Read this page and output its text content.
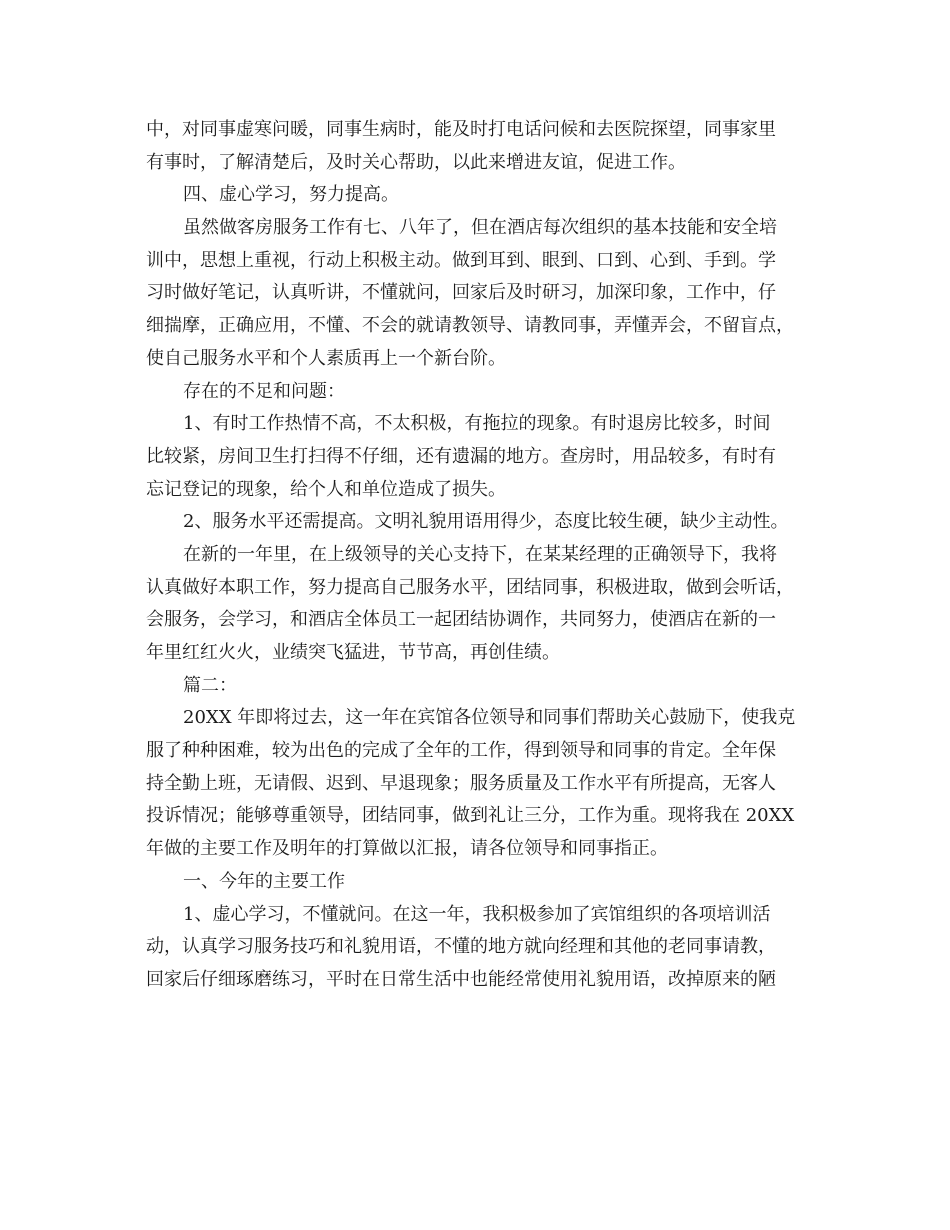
中，对同事虚寒问暖，同事生病时，能及时打电话问候和去医院探望，同事家里
有事时，了解清楚后，及时关心帮助，以此来增进友谊，促进工作。
四、虚心学习，努力提高。
虽然做客房服务工作有七、八年了，但在酒店每次组织的基本技能和安全培
训中，思想上重视，行动上积极主动。做到耳到、眼到、口到、心到、手到。学
习时做好笔记，认真听讲，不懂就问，回家后及时研习，加深印象，工作中，仔
细揣摩，正确应用，不懂、不会的就请教领导、请教同事，弄懂弄会，不留盲点，
使自己服务水平和个人素质再上一个新台阶。
存在的不足和问题：
1、有时工作热情不高，不太积极，有拖拉的现象。有时退房比较多，时间
比较紧，房间卫生打扫得不仔细，还有遗漏的地方。查房时，用品较多，有时有
忘记登记的现象，给个人和单位造成了损失。
2、服务水平还需提高。文明礼貌用语用得少，态度比较生硬，缺少主动性。
在新的一年里，在上级领导的关心支持下，在某某经理的正确领导下，我将
认真做好本职工作，努力提高自己服务水平，团结同事，积极进取，做到会听话，
会服务，会学习，和酒店全体员工一起团结协调作，共同努力，使酒店在新的一
年里红红火火，业绩突飞猛进，节节高，再创佳绩。
篇二：
20XX 年即将过去，这一年在宾馆各位领导和同事们帮助关心鼓励下，使我克
服了种种困难，较为出色的完成了全年的工作，得到领导和同事的肯定。全年保
持全勤上班，无请假、迟到、早退现象；服务质量及工作水平有所提高，无客人
投诉情况；能够尊重领导，团结同事，做到礼让三分，工作为重。现将我在 20XX
年做的主要工作及明年的打算做以汇报，请各位领导和同事指正。
一、今年的主要工作
1、虚心学习，不懂就问。在这一年，我积极参加了宾馆组织的各项培训活
动，认真学习服务技巧和礼貌用语，不懂的地方就向经理和其他的老同事请教，
回家后仔细琢磨练习，平时在日常生活中也能经常使用礼貌用语，改掉原来的陋
